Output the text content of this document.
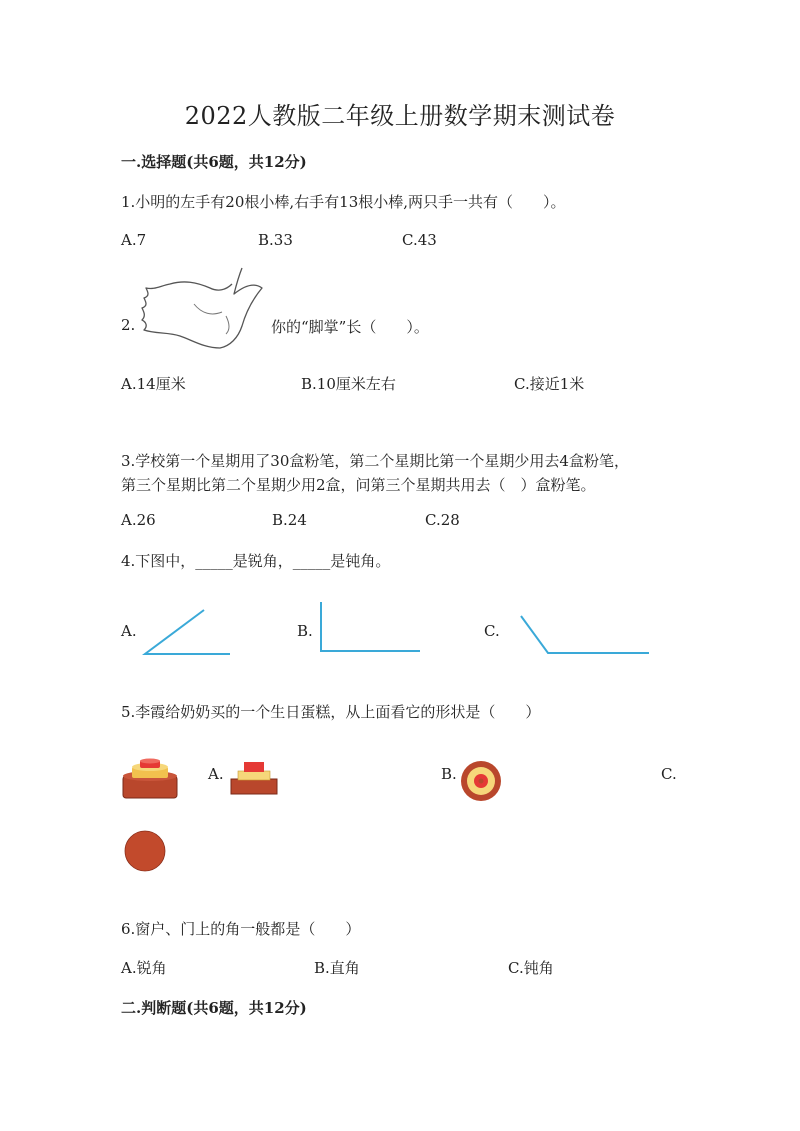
2022人教版二年级上册数学期末测试卷
一.选择题(共6题，共12分)
1.小明的左手有20根小棒,右手有13根小棒,两只手一共有（　　）。
A.7	B.33	C.43
2.	你的“脚掌”长（　　）。
A.14厘米	B.10厘米左右	C.接近1米
3.学校第一个星期用了30盒粉笔，第二个星期比第一个星期少用去4盒粉笔，
第三个星期比第二个星期少用2盒，问第三个星期共用去（　）盒粉笔。
A.26	B.24	C.28
4.下图中，_____是锐角，_____是钝角。
A.	B.	C.
5.李霞给奶奶买的一个生日蛋糕，从上面看它的形状是（　　）
A.	B.	C.
6.窗户、门上的角一般都是（　　）
A.锐角	B.直角	C.钝角
二.判断题(共6题，共12分)
